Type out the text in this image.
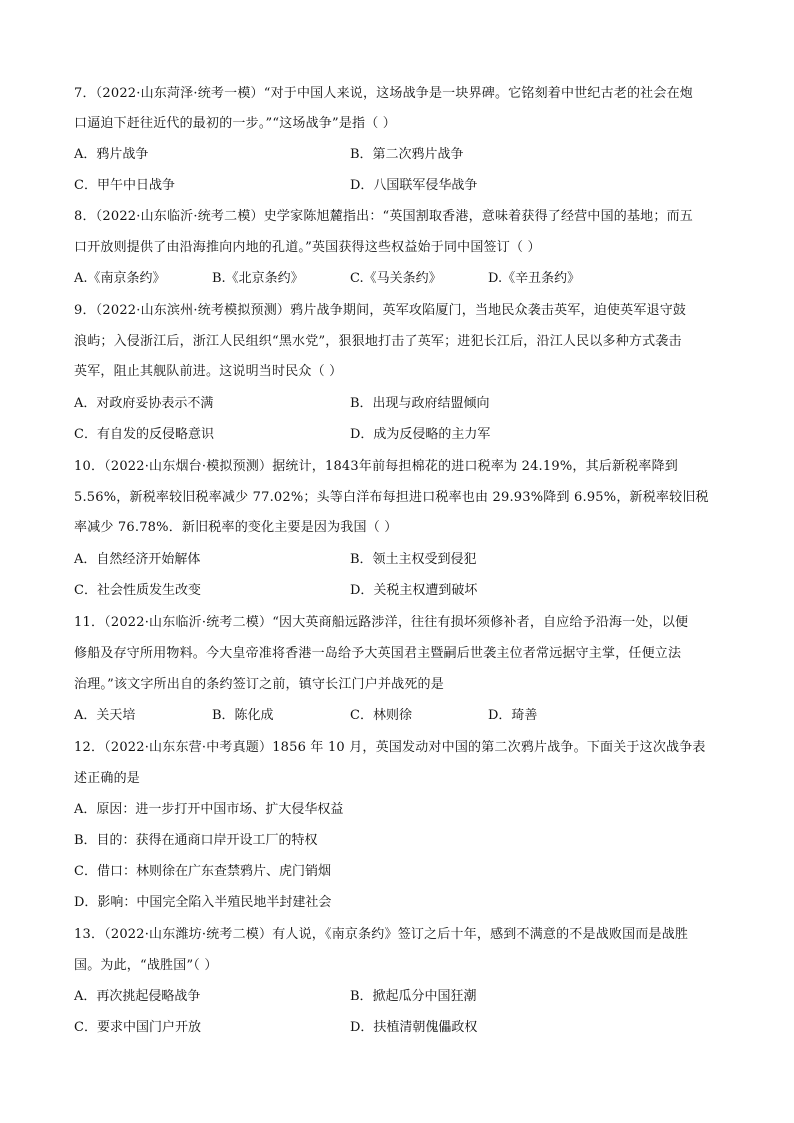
7．（2022·山东菏泽·统考一模）“对于中国人来说，这场战争是一块界碑。它铭刻着中世纪古老的社会在炮
口逼迫下赶往近代的最初的一步。”“这场战争”是指（ ）
A．鸦片战争	B．第二次鸦片战争
C．甲午中日战争	D．八国联军侵华战争
8．（2022·山东临沂·统考二模）史学家陈旭麓指出：“英国割取香港，意味着获得了经营中国的基地；而五
口开放则提供了由沿海推向内地的孔道。”英国获得这些权益始于同中国签订（ ）
A.《南京条约》	B.《北京条约》	C.《马关条约》	D.《辛丑条约》
9．（2022·山东滨州·统考模拟预测）鸦片战争期间，英军攻陷厦门，当地民众袭击英军，迫使英军退守鼓
浪屿；入侵浙江后，浙江人民组织“黑水党”，狠狠地打击了英军；进犯长江后，沿江人民以多种方式袭击
英军，阻止其舰队前进。这说明当时民众（ ）
A．对政府妥协表示不满	B．出现与政府结盟倾向
C．有自发的反侵略意识	D．成为反侵略的主力军
10．（2022·山东烟台·模拟预测）据统计，1843年前每担棉花的进口税率为 24.19%，其后新税率降到
5.56%，新税率较旧税率减少 77.02%；头等白洋布每担进口税率也由 29.93%降到 6.95%，新税率较旧税
率减少 76.78%．新旧税率的变化主要是因为我国（ ）
A．自然经济开始解体	B．领土主权受到侵犯
C．社会性质发生改变	D．关税主权遭到破坏
11．（2022·山东临沂·统考二模）“因大英商船远路涉洋，往往有损坏须修补者，自应给予沿海一处，以便
修船及存守所用物料。今大皇帝准将香港一岛给予大英国君主暨嗣后世袭主位者常远据守主掌，任便立法
治理。”该文字所出自的条约签订之前，镇守长江门户并战死的是
A．关天培	B．陈化成	C．林则徐	D．琦善
12．（2022·山东东营·中考真题）1856 年 10 月，英国发动对中国的第二次鸦片战争。下面关于这次战争表
述正确的是
A．原因：进一步打开中国市场、扩大侵华权益
B．目的：获得在通商口岸开设工厂的特权
C．借口：林则徐在广东查禁鸦片、虎门销烟
D．影响：中国完全陷入半殖民地半封建社会
13．（2022·山东潍坊·统考二模）有人说，《南京条约》签订之后十年，感到不满意的不是战败国而是战胜
国。为此，“战胜国”（ ）
A．再次挑起侵略战争	B．掀起瓜分中国狂潮
C．要求中国门户开放	D．扶植清朝傀儡政权
